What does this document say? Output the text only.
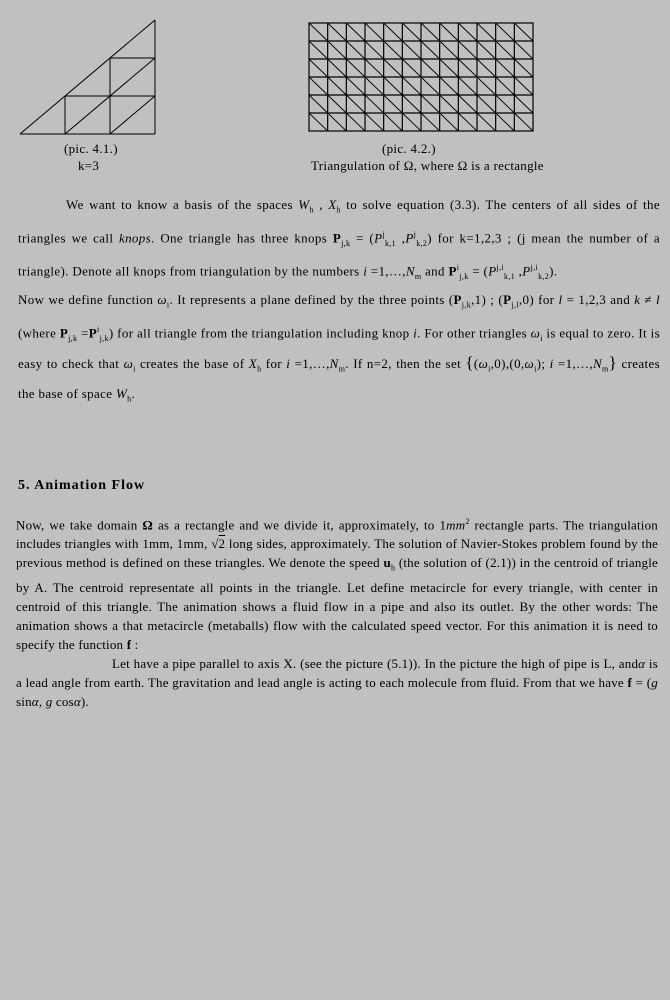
(pic. 4.1.)
k=3
(pic. 4.2.)
Triangulation of Ω, where Ω is a rectangle

We want to know a basis of the spaces $W_h$ , $X_h$ to solve equation (3.3). The centers of all sides of the triangles we call knops. One triangle has three knops $P_{j,k} = (P^j_{k,1}$ $,P^j_{k,2}$) for k=1,2,3 ; (j mean the number of a triangle). Denote all knops from triangulation by the numbers $i =1,\dots,N_m$ and $P^i_{j,k} = (P^{j,i}_{k,1}$ $,P^{j,i}_{k,2}$).

Now we define function $\omega_i$. It represents a plane defined by the three points $(P_{j,k},1)$ ; $(P_{j,l},0)$ for l = 1,2,3 and k ≠ l (where $P_{j,k} =P^i_{j,k}$) for all triangle from the triangulation including knop i. For other triangles $\omega_i$ is equal to zero. It is easy to check that $\omega_i$ creates the base of $X_h$ for $i =1,\dots,N_m$. If n=2, then the set {$(\omega_i,0),(0,\omega_i)$; $i =1,\dots,N_m$} creates the base of space $W_h$.

5. Animation Flow

Now, we take domain Ω as a rectangle and we divide it, approximately, to $1mm^2$ rectangle parts. The triangulation includes triangles with 1mm, 1mm, √2 long sides, approximately. The solution of Navier-Stokes problem found by the previous method is defined on these triangles. We denote the speed $u_h$ (the solution of (2.1)) in the centroid of triangle by A. The centroid representate all points in the triangle. Let define metacircle for every triangle, with center in centroid of this triangle. The animation shows a fluid flow in a pipe and also its outlet. By the other words: The animation shows a that metacircle (metaballs) flow with the calculated speed vector. For this animation it is need to specify the function f :

Let have a pipe parallel to axis X. (see the picture (5.1)). In the picture the high of pipe is L, andα is a lead angle from earth. The gravitation and lead angle is acting to each molecule from fluid. From that we have f = (g sinα, g cosα).
